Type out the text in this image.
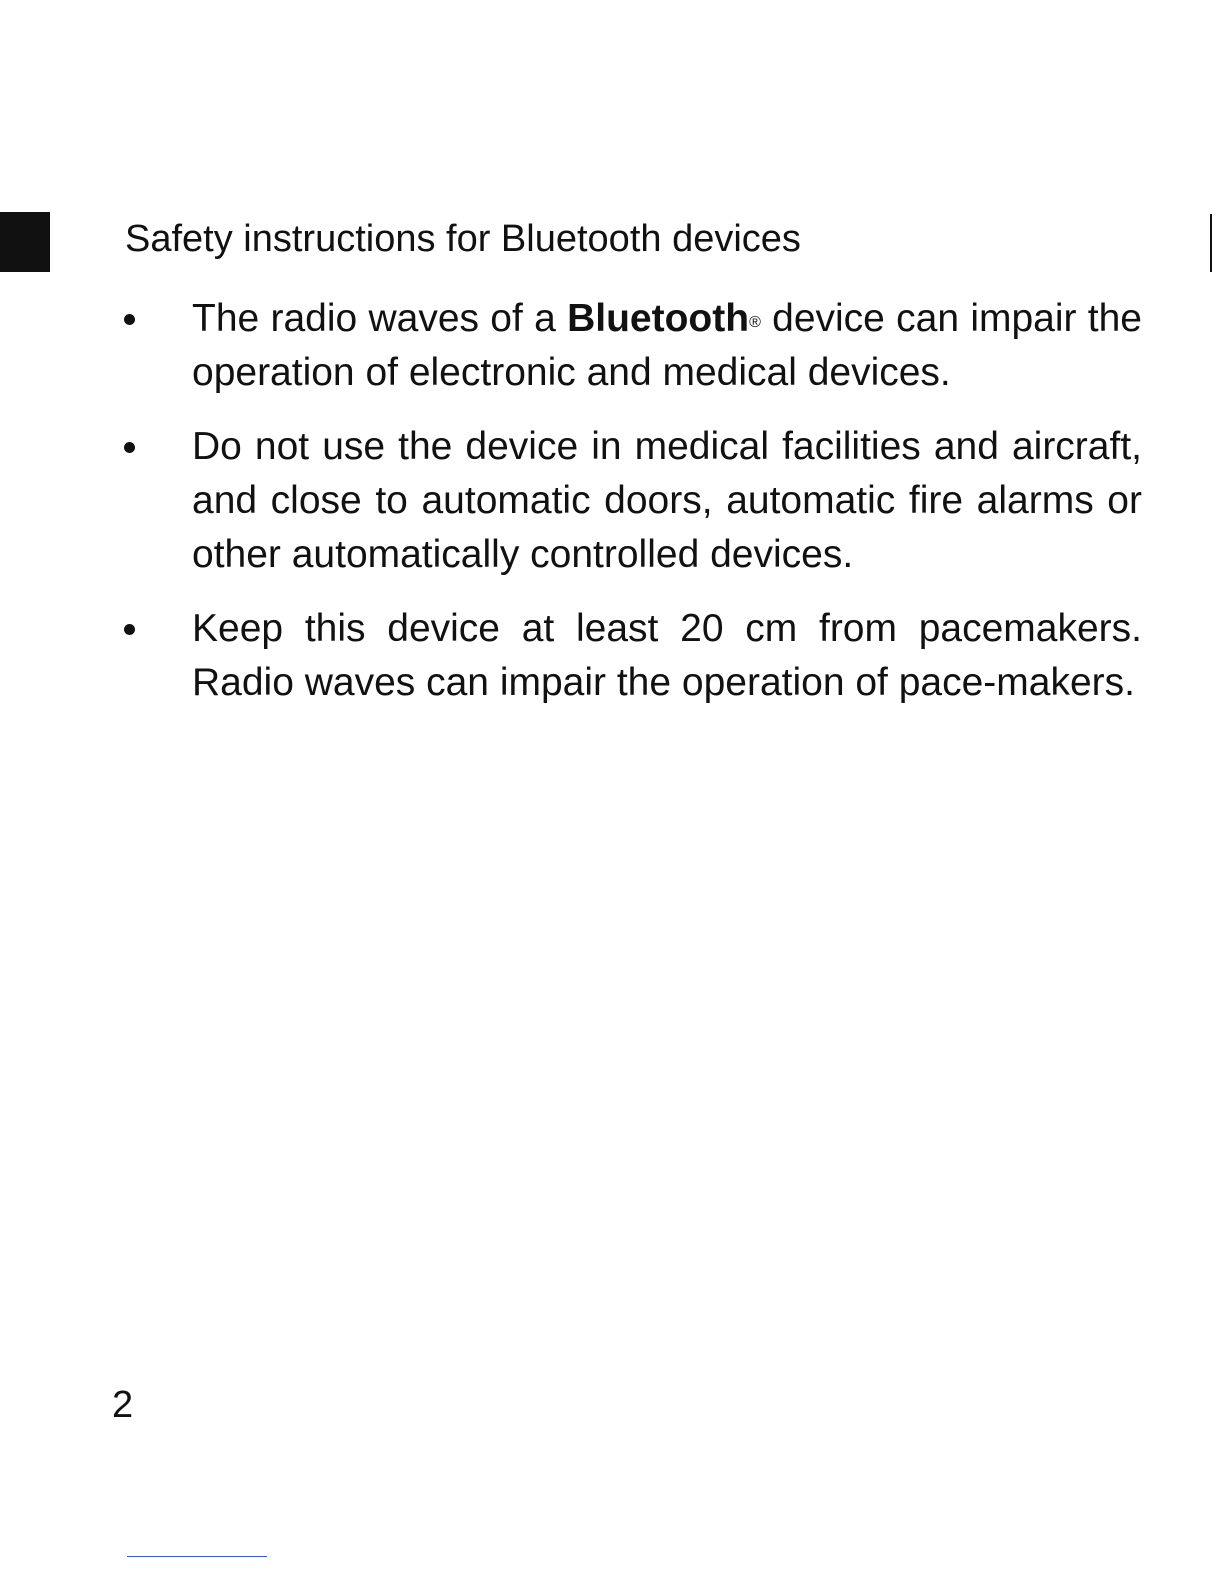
Safety instructions for Bluetooth devices
The radio waves of a Bluetooth® device can impair the operation of electronic and medical devices.
Do not use the device in medical facilities and aircraft, and close to automatic doors, automatic fire alarms or other automatically controlled devices.
Keep this device at least 20 cm from pacemakers. Radio waves can impair the operation of pace-makers.
2
